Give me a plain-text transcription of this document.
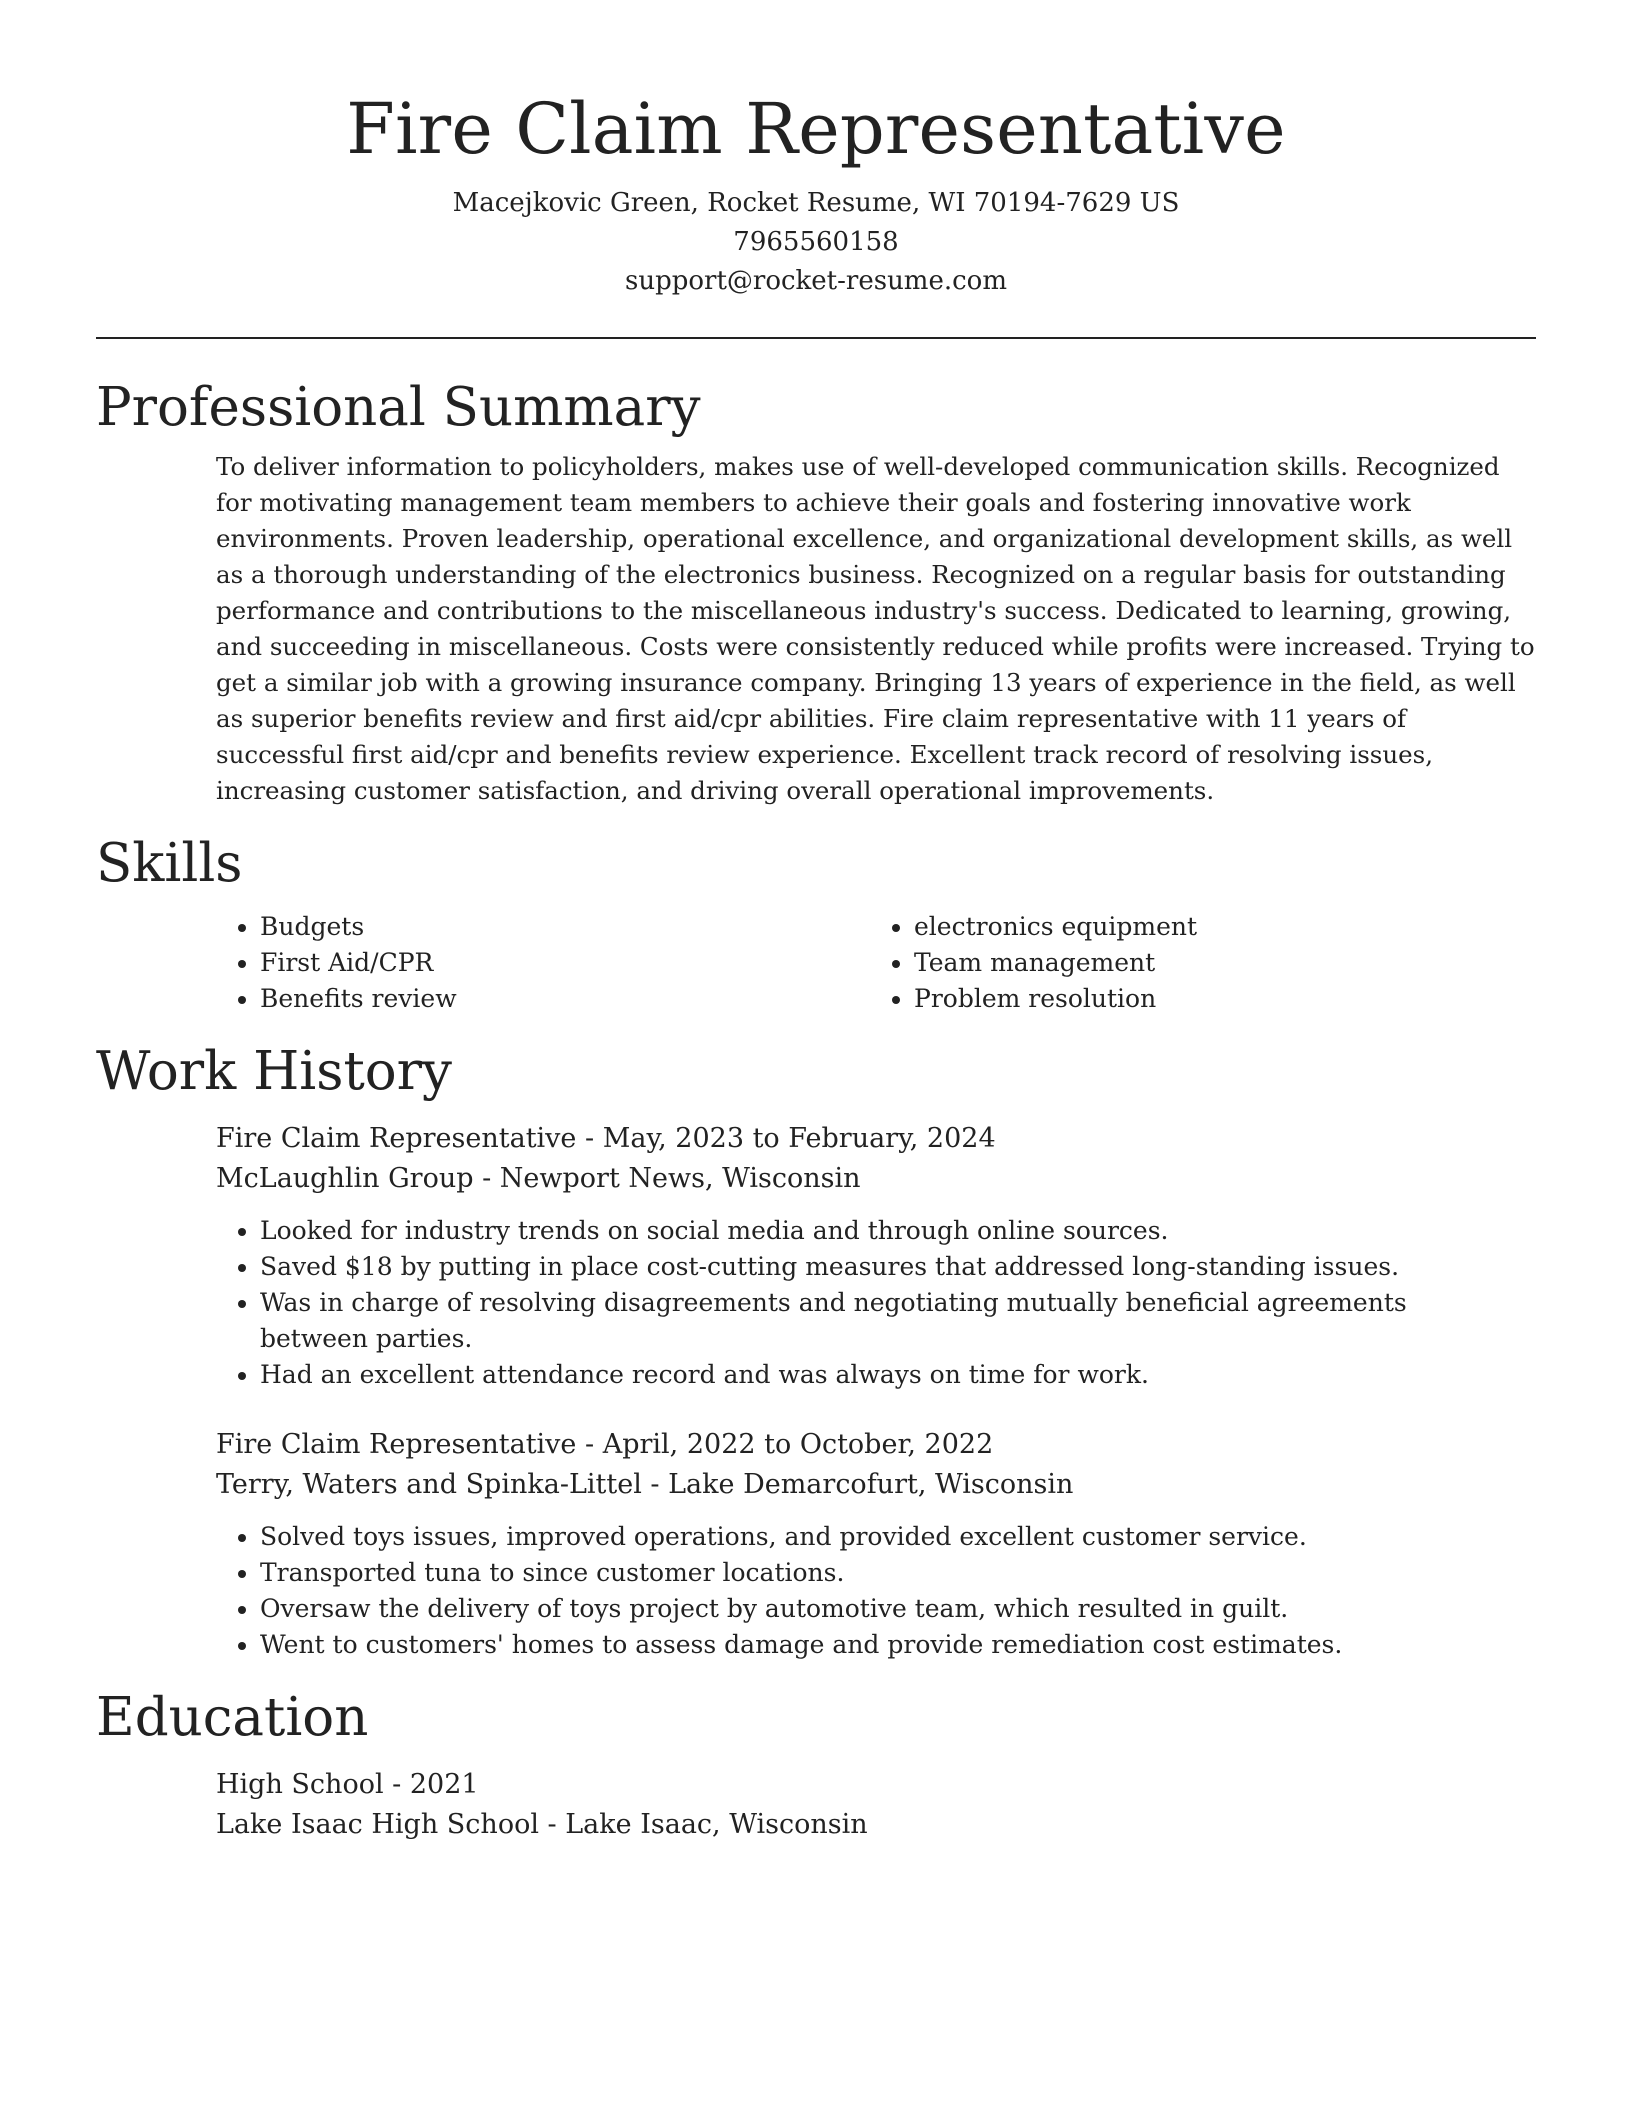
Fire Claim Representative

Macejkovic Green, Rocket Resume, WI 70194-7629 US

7965560158

support@rocket-resume.com

Professional Summary

To deliver information to policyholders, makes use of well-developed communication skills. Recognized for motivating management team members to achieve their goals and fostering innovative work environments. Proven leadership, operational excellence, and organizational development skills, as well as a thorough understanding of the electronics business. Recognized on a regular basis for outstanding performance and contributions to the miscellaneous industry's success. Dedicated to learning, growing, and succeeding in miscellaneous. Costs were consistently reduced while profits were increased. Trying to get a similar job with a growing insurance company. Bringing 13 years of experience in the field, as well as superior benefits review and first aid/cpr abilities. Fire claim representative with 11 years of successful first aid/cpr and benefits review experience. Excellent track record of resolving issues, increasing customer satisfaction, and driving overall operational improvements.

Skills
• Budgets
• First Aid/CPR
• Benefits review
• electronics equipment
• Team management
• Problem resolution
Work History

Fire Claim Representative - May, 2023 to February, 2024

McLaughlin Group - Newport News, Wisconsin

• Looked for industry trends on social media and through online sources.
• Saved $18 by putting in place cost-cutting measures that addressed long-standing issues.
• Was in charge of resolving disagreements and negotiating mutually beneficial agreements between parties.
• Had an excellent attendance record and was always on time for work.

Fire Claim Representative - April, 2022 to October, 2022

Terry, Waters and Spinka-Littel - Lake Demarcofurt, Wisconsin

• Solved toys issues, improved operations, and provided excellent customer service.
• Transported tuna to since customer locations.
• Oversaw the delivery of toys project by automotive team, which resulted in guilt.
• Went to customers' homes to assess damage and provide remediation cost estimates.
Education

High School - 2021

Lake Isaac High School - Lake Isaac, Wisconsin
